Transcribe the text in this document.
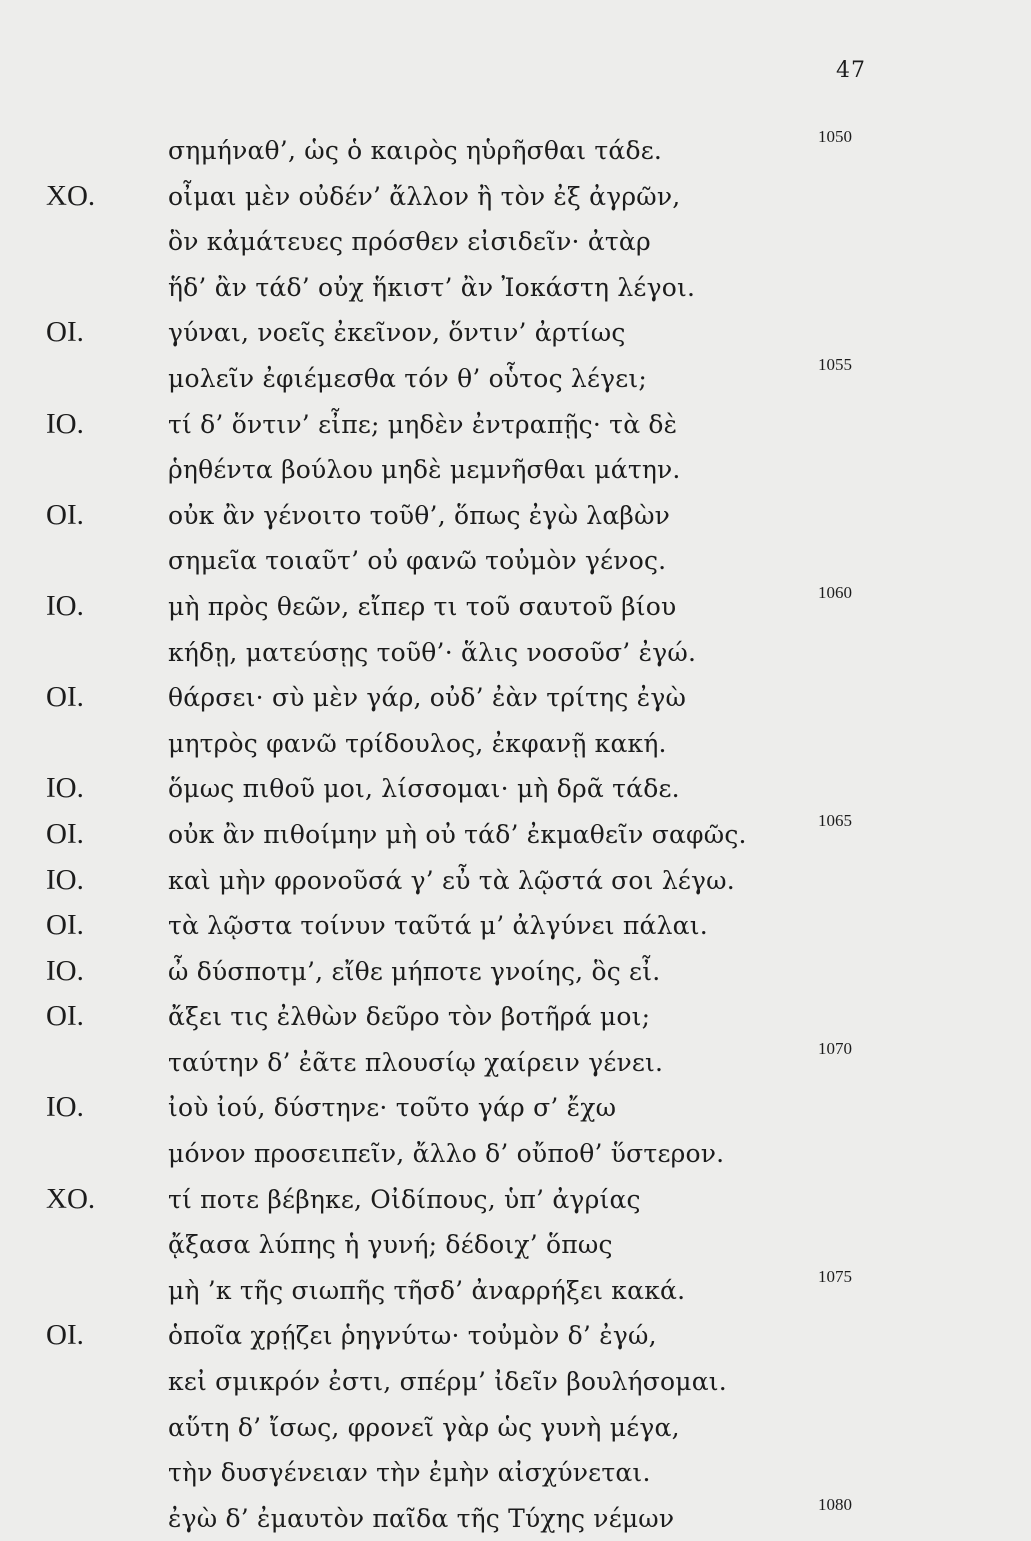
47
σημήναθ’, ὡς ὁ καιρὸς ηὑρῆσθαι τάδε.	1050
ΧΟ.	οἶμαι μὲν οὐδέν’ ἄλλον ἢ τὸν ἐξ ἀγρῶν,
ὃν κἀμάτευες πρόσθεν εἰσιδεῖν· ἀτὰρ
ἥδ’ ἂν τάδ’ οὐχ ἥκιστ’ ἂν Ἰοκάστη λέγοι.
ΟΙ.	γύναι, νοεῖς ἐκεῖνον, ὅντιν’ ἀρτίως
μολεῖν ἐφιέμεσθα τόν θ’ οὗτος λέγει;	1055
ΙΟ.	τί δ’ ὅντιν’ εἶπε; μηδὲν ἐντραπῇς· τὰ δὲ
ῥηθέντα βούλου μηδὲ μεμνῆσθαι μάτην.
ΟΙ.	οὐκ ἂν γένοιτο τοῦθ’, ὅπως ἐγὼ λαβὼν
σημεῖα τοιαῦτ’ οὐ φανῶ τοὐμὸν γένος.
ΙΟ.	μὴ πρὸς θεῶν, εἴπερ τι τοῦ σαυτοῦ βίου	1060
κήδῃ, ματεύσῃς τοῦθ’· ἅλις νοσοῦσ’ ἐγώ.
ΟΙ.	θάρσει· σὺ μὲν γάρ, οὐδ’ ἐὰν τρίτης ἐγὼ
μητρὸς φανῶ τρίδουλος, ἐκφανῇ κακή.
ΙΟ.	ὅμως πιθοῦ μοι, λίσσομαι· μὴ δρᾶ τάδε.
ΟΙ.	οὐκ ἂν πιθοίμην μὴ οὐ τάδ’ ἐκμαθεῖν σαφῶς.	1065
ΙΟ.	καὶ μὴν φρονοῦσά γ’ εὖ τὰ λῷστά σοι λέγω.
ΟΙ.	τὰ λῷστα τοίνυν ταῦτά μ’ ἀλγύνει πάλαι.
ΙΟ.	ὦ δύσποτμ’, εἴθε μήποτε γνοίης, ὃς εἶ.
ΟΙ.	ἄξει τις ἐλθὼν δεῦρο τὸν βοτῆρά μοι;
ταύτην δ’ ἐᾶτε πλουσίῳ χαίρειν γένει.	1070
ΙΟ.	ἰοὺ ἰού, δύστηνε· τοῦτο γάρ σ’ ἔχω
μόνον προσειπεῖν, ἄλλο δ’ οὔποθ’ ὕστερον.
ΧΟ.	τί ποτε βέβηκε, Οἰδίπους, ὑπ’ ἀγρίας
ᾄξασα λύπης ἡ γυνή; δέδοιχ’ ὅπως
μὴ ’κ τῆς σιωπῆς τῆσδ’ ἀναρρήξει κακά.	1075
ΟΙ.	ὁποῖα χρῄζει ῥηγνύτω· τοὐμὸν δ’ ἐγώ,
κεἰ σμικρόν ἐστι, σπέρμ’ ἰδεῖν βουλήσομαι.
αὕτη δ’ ἴσως, φρονεῖ γὰρ ὡς γυνὴ μέγα,
τὴν δυσγένειαν τὴν ἐμὴν αἰσχύνεται.
ἐγὼ δ’ ἐμαυτὸν παῖδα τῆς Τύχης νέμων	1080
